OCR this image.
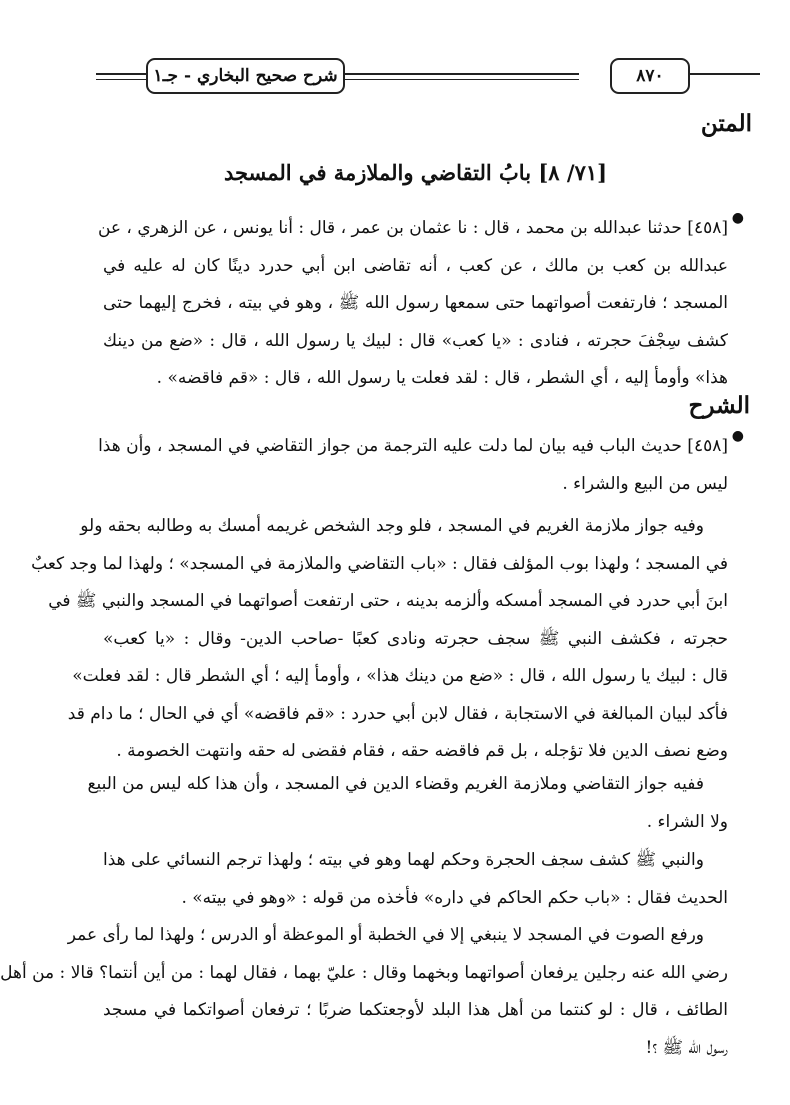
٨٧٠
شرح صحيح البخاري - جـ١
المتن
[٧١/ ٨] بابُ التقاضي والملازمة في المسجد
●
[٤٥٨] حدثنا عبدالله بن محمد ، قال : نا عثمان بن عمر ، قال : أنا يونس ، عن الزهري ، عن
عبدالله بن كعب بن مالك ، عن كعب ، أنه تقاضى ابن أبي حدرد دينًا كان له عليه في
المسجد ؛ فارتفعت أصواتهما حتى سمعها رسول الله ﷺ ، وهو في بيته ، فخرج إليهما حتى
كشف سِجْفَ حجرته ، فنادى : «يا كعب» قال : لبيك يا رسول الله ، قال : «ضع من دينك
هذا» وأومأ إليه ، أي الشطر ، قال : لقد فعلت يا رسول الله ، قال : «قم فاقضه» .
الشرح
●
[٤٥٨] حديث الباب فيه بيان لما دلت عليه الترجمة من جواز التقاضي في المسجد ، وأن هذا
ليس من البيع والشراء .
وفيه جواز ملازمة الغريم في المسجد ، فلو وجد الشخص غريمه أمسك به وطالبه بحقه ولو
في المسجد ؛ ولهذا بوب المؤلف فقال : «باب التقاضي والملازمة في المسجد» ؛ ولهذا لما وجد كعبٌ
ابنَ أبي حدرد في المسجد أمسكه وألزمه بدينه ، حتى ارتفعت أصواتهما في المسجد والنبي ﷺ في
حجرته ، فكشف النبي ﷺ سجف حجرته ونادى كعبًا -صاحب الدين- وقال : «يا كعب»
قال : لبيك يا رسول الله ، قال : «ضع من دينك هذا» ، وأومأ إليه ؛ أي الشطر قال : لقد فعلت»
فأكد لبيان المبالغة في الاستجابة ، فقال لابن أبي حدرد : «قم فاقضه» أي في الحال ؛ ما دام قد
وضع نصف الدين فلا تؤجله ، بل قم فاقضه حقه ، فقام فقضى له حقه وانتهت الخصومة .
ففيه جواز التقاضي وملازمة الغريم وقضاء الدين في المسجد ، وأن هذا كله ليس من البيع
ولا الشراء .
والنبي ﷺ كشف سجف الحجرة وحكم لهما وهو في بيته ؛ ولهذا ترجم النسائي على هذا
الحديث فقال : «باب حكم الحاكم في داره» فأخذه من قوله : «وهو في بيته» .
ورفع الصوت في المسجد لا ينبغي إلا في الخطبة أو الموعظة أو الدرس ؛ ولهذا لما رأى عمر
رضي الله عنه رجلين يرفعان أصواتهما وبخهما وقال : عليّ بهما ، فقال لهما : من أين أنتما؟ قالا : من أهل
الطائف ، قال : لو كنتما من أهل هذا البلد لأوجعتكما ضربًا ؛ ترفعان أصواتكما في مسجد
رسول الله ﷺ ؟!
